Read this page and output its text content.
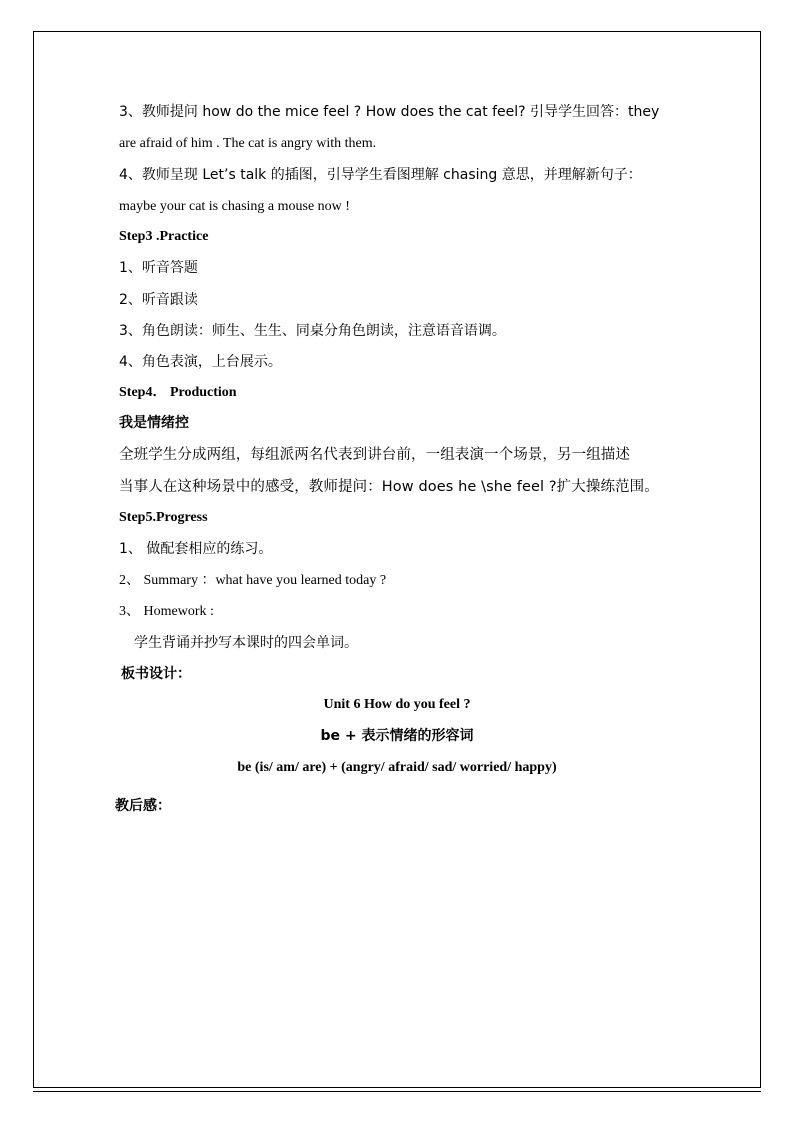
3、教师提问 how do the mice feel ? How does the cat feel? 引导学生回答：they
are afraid of him . The cat is angry with them.
4、教师呈现 Let’s talk 的插图，引导学生看图理解 chasing 意思，并理解新句子：
maybe your cat is chasing a mouse now !
Step3 .Practice
1、听音答题
2、听音跟读
3、角色朗读：师生、生生、同桌分角色朗读，注意语音语调。
4、角色表演，上台展示。
Step4． Production
我是情绪控
全班学生分成两组，每组派两名代表到讲台前，一组表演一个场景，另一组描述
当事人在这种场景中的感受，教师提问：How does he \she feel ?扩大操练范围。
Step5.Progress
1、 做配套相应的练习。
2、 Summary ：what have you learned today ?
3、 Homework :
学生背诵并抄写本课时的四会单词。
板书设计：
Unit 6 How do you feel ?
be + 表示情绪的形容词
be (is/ am/ are) + (angry/ afraid/ sad/ worried/ happy)
教后感：
